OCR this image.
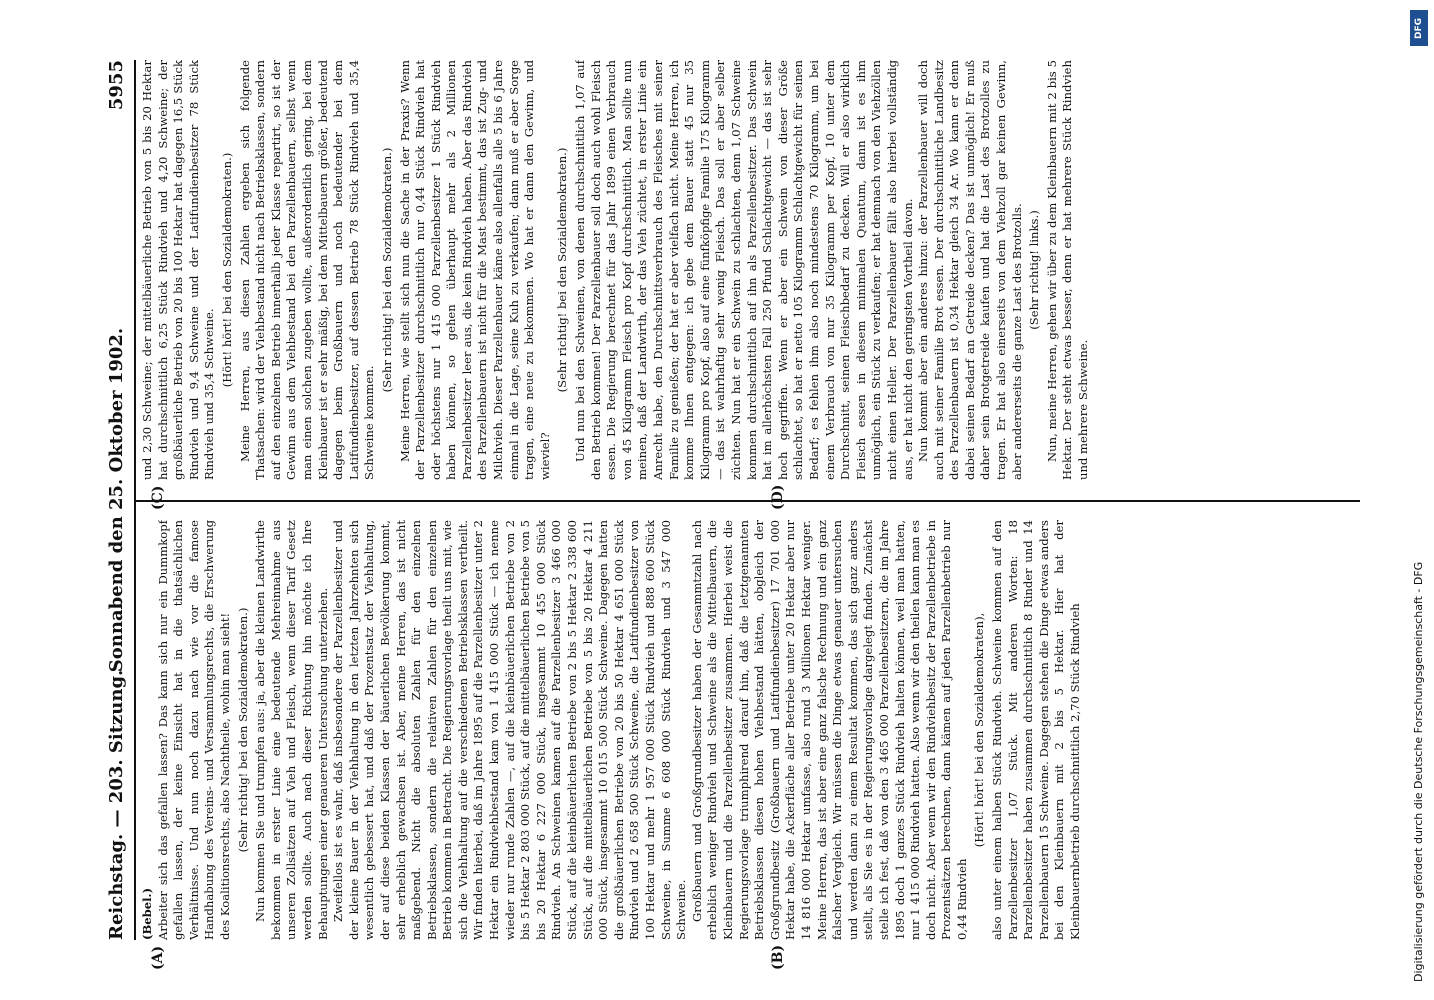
Reichstag. — 203. Sitzung.
Sonnabend den 25. Oktober 1902.
5955
(A)	(B)
(C)	(D)

(Bebel.) Arbeiter sich das gefallen lassen? Das kann sich nur ein Dummkopf gefallen lassen, der keine Einsicht hat in die thatsächlichen Verhältnisse. Und nun noch dazu nach wie vor die famose Handhabung des Vereins- und Versammlungsrechts, die Erschwerung des Koalitionsrechts, also Nachtheile, wohin man sieht! (Sehr richtig! bei den Sozialdemokraten.) Nun kommen Sie und trumpfen aus: ja, aber die kleinen Landwirthe bekommen in erster Linie eine bedeutende Mehreinnahme aus unseren Zollsätzen auf Vieh und Fleisch, wenn dieser Tarif Gesetz werden sollte. Auch nach dieser Richtung hin möchte ich Ihre Behauptungen einer genaueren Untersuchung unterziehen. Zweifellos ist es wahr, daß insbesondere der Parzellenbesitzer und der kleine Bauer in der Viehhaltung in den letzten Jahrzehnten sich wesentlich gebessert hat, und daß der Prozentsatz der Viehhaltung, der auf diese beiden Klassen der bäuerlichen Bevölkerung kommt, sehr erheblich gewachsen ist. Aber, meine Herren, das ist nicht maßgebend. Nicht die absoluten Zahlen für den einzelnen Betriebsklassen, sondern die relativen Zahlen für den einzelnen Betrieb kommen in Betracht. Die Regierungsvorlage theilt uns mit, wie sich die Viehhaltung auf die verschiedenen Betriebsklassen vertheilt. Wir finden hierbei, daß im Jahre 1895 auf die Parzellenbesitzer unter 2 Hektar ein Rindviehbestand kam von 1 415 000 Stück — ich nenne wieder nur runde Zahlen —, auf die kleinbäuerlichen Betriebe von 2 bis 5 Hektar 2 803 000 Stück, auf die mittelbäuerlichen Betriebe von 5 bis 20 Hektar 6 227 000 Stück, insgesammt 10 455 000 Stück Rindvieh. An Schweinen kamen auf die Parzellenbesitzer 3 466 000 Stück, auf die kleinbäuerlichen Betriebe von 2 bis 5 Hektar 2 338 600 Stück, auf die mittelbäuerlichen Betriebe von 5 bis 20 Hektar 4 211 000 Stück, insgesammt 10 015 500 Stück Schweine. Dagegen hatten die großbäuerlichen Betriebe von 20 bis 50 Hektar 4 651 000 Stück Rindvieh und 2 658 500 Stück Schweine, die Latifundienbesitzer von 100 Hektar und mehr 1 957 000 Stück Rindvieh und 888 600 Stück Schweine, in Summe 6 608 000 Stück Rindvieh und 3 547 000 Schweine. Großbauern und Großgrundbesitzer haben der Gesammtzahl nach erheblich weniger Rindvieh und Schweine als die Mittelbauern, die Kleinbauern und die Parzellenbesitzer zusammen. Hierbei weist die Regierungsvorlage triumphirend darauf hin, daß die letztgenannten Betriebsklassen diesen hohen Viehbestand hätten, obgleich der Großgrundbesitz (Großbauern und Latifundienbesitzer) 17 701 000 Hektar habe, die Ackerfläche aller Betriebe unter 20 Hektar aber nur 14 816 000 Hektar umfasse, also rund 3 Millionen Hektar weniger. Meine Herren, das ist aber eine ganz falsche Rechnung und ein ganz falscher Vergleich. Wir müssen die Dinge etwas genauer untersuchen und werden dann zu einem Resultat kommen, das sich ganz anders stellt, als Sie es in der Regierungsvorlage dargelegt finden. Zunächst stelle ich fest, daß von den 3 465 000 Parzellenbesitzern, die im Jahre 1895 doch 1 ganzes Stück Rindvieh halten können, weil man hatten, nur 1 415 000 Rindvieh hatten. Also wenn wir den theilen kann man es doch nicht. Aber wenn wir den Rindviehbesitz der Parzellenbetriebe in Prozentsätzen berechnen, dann kämen auf jeden Parzellenbetrieb nur 0,44 Rindvieh

(Hört! hört! bei den Sozialdemokraten), also unter einem halben Stück Rindvieh. Schweine kommen auf den Parzellenbesitzer 1,07 Stück. Mit anderen Worten: 18 Parzellenbesitzer haben zusammen durchschnittlich 8 Rinder und 14 Parzellenbauern 15 Schweine. Dagegen stehen die Dinge etwas anders bei den Kleinbauern mit 2 bis 5 Hektar. Hier hat der Kleinbauernbetrieb durchschnittlich 2,70 Stück Rindvieh

und 2,30 Schweine; der mittelbäuerliche Betrieb von 5 bis 20 Hektar hat durchschnittlich 6,25 Stück Rindvieh und 4,20 Schweine; der großbäuerliche Betrieb von 20 bis 100 Hektar hat dagegen 16,5 Stück Rindvieh und 9,4 Schweine und der Latifundienbesitzer 78 Stück Rindvieh und 35,4 Schweine.

(Hört! hört! bei den Sozialdemokraten.) Meine Herren, aus diesen Zahlen ergeben sich folgende Thatsachen: wird der Viehbestand nicht nach Betriebsklassen, sondern auf den einzelnen Betrieb innerhalb jeder Klasse repartirt, so ist der Gewinn aus dem Viehbestand bei den Parzellenbauern, selbst wenn man einen solchen zugeben wollte, außerordentlich gering, bei dem Kleinbauer ist er sehr mäßig, bei dem Mittelbauern größer, bedeutend dagegen beim Großbauern und noch bedeutender bei dem Latifundienbesitzer, auf dessen Betrieb 78 Stück Rindvieh und 35,4 Schweine kommen.

(Sehr richtig! bei den Sozialdemokraten.) Meine Herren, wie stellt sich nun die Sache in der Praxis? Wenn der Parzellenbesitzer durchschnittlich nur 0,44 Stück Rindvieh hat oder höchstens nur 1 415 000 Parzellenbesitzer 1 Stück Rindvieh haben können, so gehen überhaupt mehr als 2 Millionen Parzellenbesitzer leer aus, die kein Rindvieh haben. Aber das Rindvieh des Parzellenbauern ist nicht für die Mast bestimmt, das ist Zug- und Milchvieh. Dieser Parzellenbauer käme also allenfalls alle 5 bis 6 Jahre einmal in die Lage, seine Kuh zu verkaufen; dann muß er aber Sorge tragen, eine neue zu bekommen. Wo hat er dann den Gewinn, und wieviel?

(Sehr richtig! bei den Sozialdemokraten.) Und nun bei den Schweinen, von denen durchschnittlich 1,07 auf den Betrieb kommen! Der Parzellenbauer soll doch auch wohl Fleisch essen. Die Regierung berechnet für das Jahr 1899 einen Verbrauch von 45 Kilogramm Fleisch pro Kopf durchschnittlich. Man sollte nun meinen, daß der Landwirth, der das Vieh züchtet, in erster Linie ein Anrecht habe, den Durchschnittsverbrauch des Fleisches mit seiner Familie zu genießen; der hat er aber vielfach nicht. Meine Herren, ich komme Ihnen entgegen: ich gebe dem Bauer statt 45 nur 35 Kilogramm pro Kopf, also auf eine fünfköpfige Familie 175 Kilogramm — das ist wahrhaftig sehr wenig Fleisch. Das soll er aber selber züchten. Nun hat er ein Schwein zu schlachten, denn 1,07 Schweine kommen durchschnittlich auf ihn als Parzellenbesitzer. Das Schwein hat im allerhöchsten Fall 250 Pfund Schlachtgewicht — das ist sehr hoch gegriffen. Wenn er aber ein Schwein von dieser Größe schlachtet, so hat er netto 105 Kilogramm Schlachtgewicht für seinen Bedarf; es fehlen ihm also noch mindestens 70 Kilogramm, um bei einem Verbrauch von nur 35 Kilogramm per Kopf, 10 unter dem Durchschnitt, seinen Fleischbedarf zu decken. Will er also wirklich Fleisch essen in diesem minimalen Quantum, dann ist es ihm unmöglich, ein Stück zu verkaufen; er hat demnach von den Viehzöllen nicht einen Heller. Der Parzellenbauer fällt also hierbei vollständig aus, er hat nicht den geringsten Vortheil davon. Nun kommt aber ein anderes hinzu: der Parzellenbauer will doch auch mit seiner Familie Brot essen. Der durchschnittliche Landbesitz des Parzellenbauern ist 0,34 Hektar gleich 34 Ar. Wo kann er denn dabei seinen Bedarf an Getreide decken? Das ist unmöglich! Er muß daher sein Brotgetreide kaufen und hat die Last des Brotzolles zu tragen. Er hat also einerseits von dem Viehzoll gar keinen Gewinn, aber andererseits die ganze Last des Brotzolls. (Sehr richtig! links.) Nun, meine Herren, gehen wir über zu dem Kleinbauern mit 2 bis 5 Hektar. Der steht etwas besser, denn er hat mehrere Stück Rindvieh und mehrere Schweine.

DFG
Digitalisierung gefördert durch die Deutsche Forschungsgemeinschaft - DFG
